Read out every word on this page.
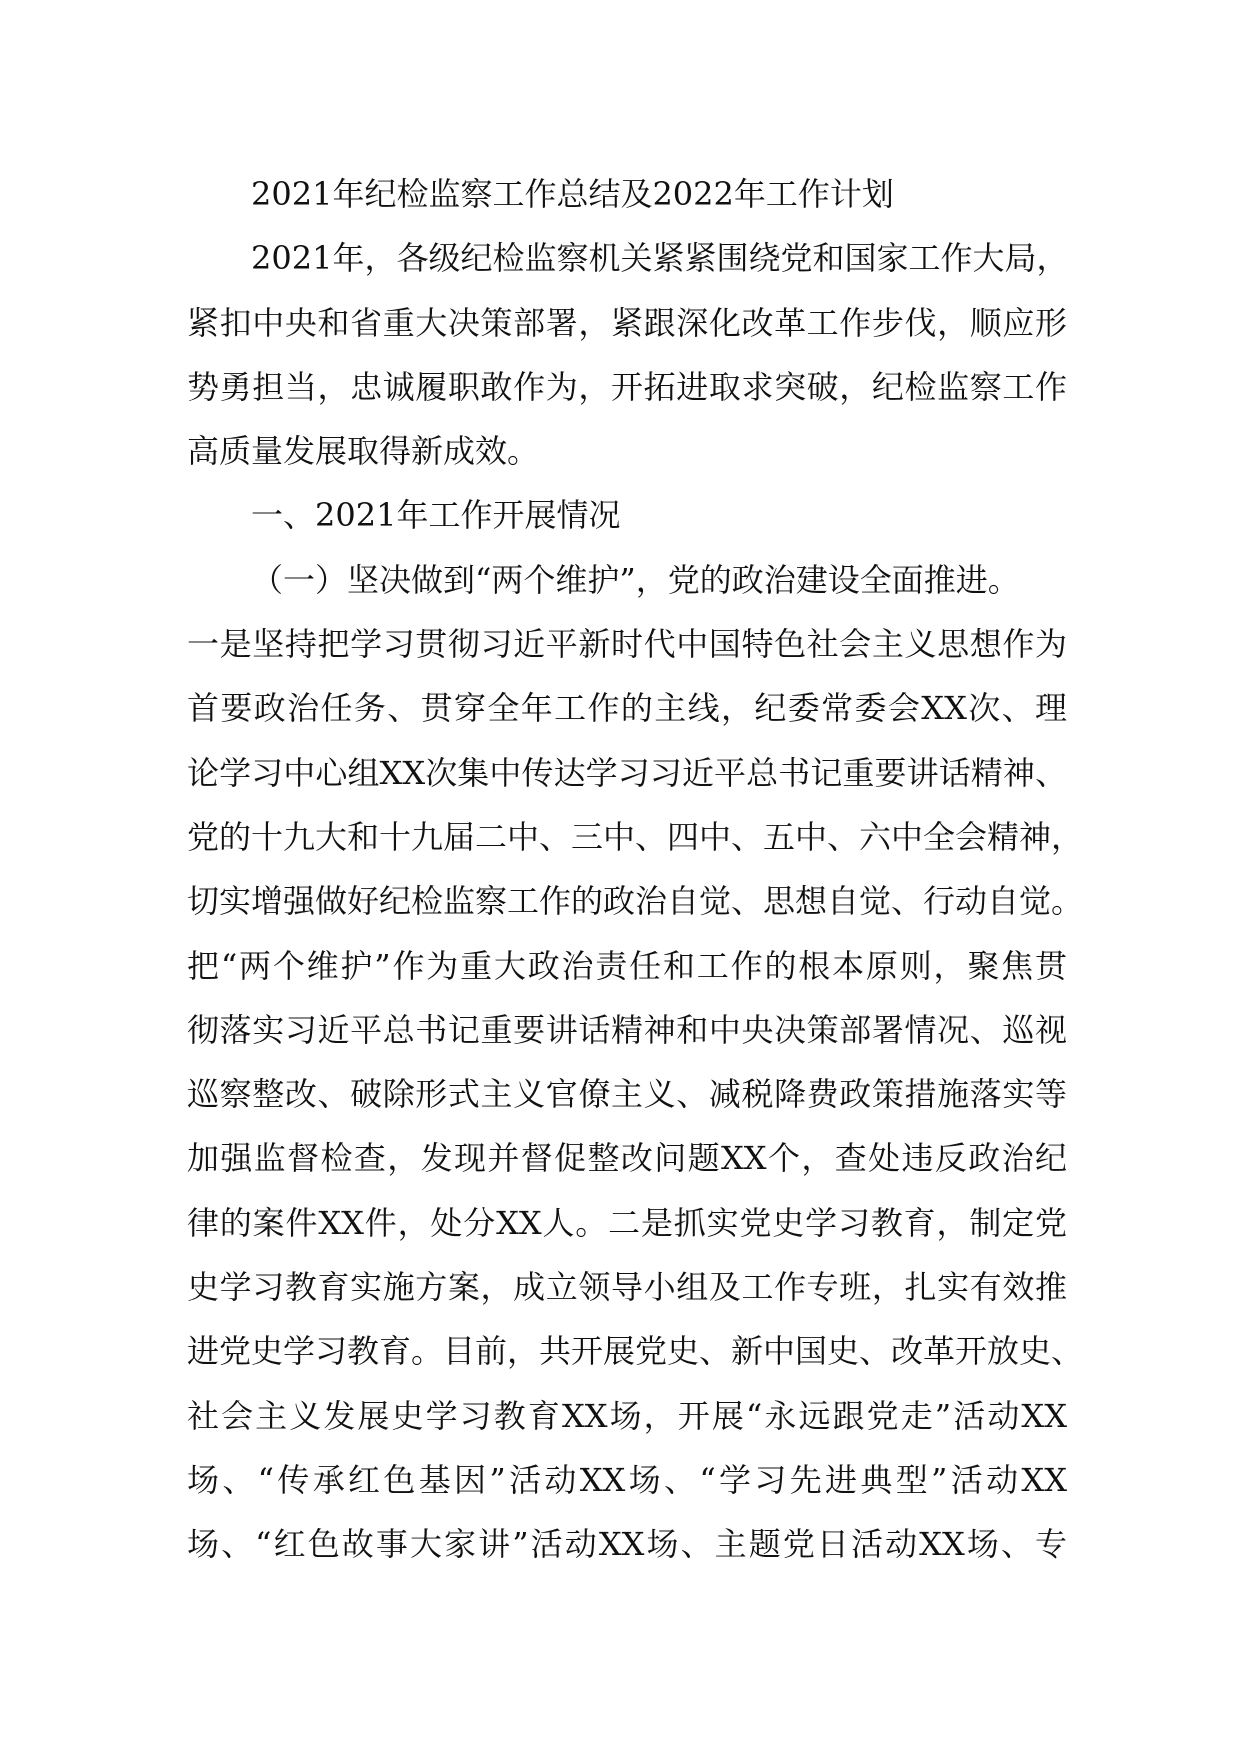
2021年纪检监察工作总结及2022年工作计划
2021年，各级纪检监察机关紧紧围绕党和国家工作大局，
紧扣中央和省重大决策部署，紧跟深化改革工作步伐，顺应形
势勇担当，忠诚履职敢作为，开拓进取求突破，纪检监察工作
高质量发展取得新成效。
一、2021年工作开展情况
（一）坚决做到“两个维护”，党的政治建设全面推进。
一是坚持把学习贯彻习近平新时代中国特色社会主义思想作为
首要政治任务、贯穿全年工作的主线，纪委常委会XX次、理
论学习中心组XX次集中传达学习习近平总书记重要讲话精神、
党的十九大和十九届二中、三中、四中、五中、六中全会精神，
切实增强做好纪检监察工作的政治自觉、思想自觉、行动自觉。
把“两个维护”作为重大政治责任和工作的根本原则，聚焦贯
彻落实习近平总书记重要讲话精神和中央决策部署情况、巡视
巡察整改、破除形式主义官僚主义、减税降费政策措施落实等
加强监督检查，发现并督促整改问题XX个，查处违反政治纪
律的案件XX件，处分XX人。二是抓实党史学习教育，制定党
史学习教育实施方案，成立领导小组及工作专班，扎实有效推
进党史学习教育。目前，共开展党史、新中国史、改革开放史、
社会主义发展史学习教育XX场，开展“永远跟党走”活动XX
场、“传承红色基因”活动XX场、“学习先进典型”活动XX
场、“红色故事大家讲”活动XX场、主题党日活动XX场、专
